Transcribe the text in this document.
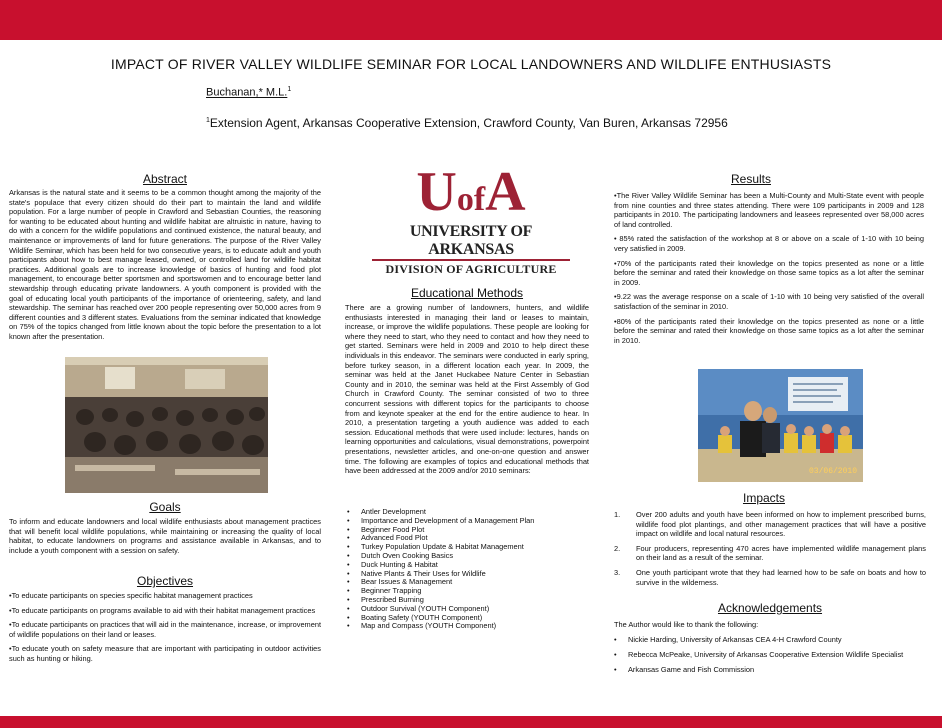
IMPACT OF RIVER VALLEY WILDLIFE SEMINAR FOR LOCAL LANDOWNERS AND WILDLIFE ENTHUSIASTS
Buchanan,* M.L.$^1$
$^1$Extension Agent, Arkansas Cooperative Extension, Crawford County, Van Buren, Arkansas 72956
UofA
UNIVERSITY OF ARKANSAS
DIVISION OF AGRICULTURE
Abstract
Arkansas is the natural state and it seems to be a common thought among the majority of the state's populace that every citizen should do their part to maintain the land and wildlife population. For a large number of people in Crawford and Sebastian Counties, the reasoning for wanting to be educated about hunting and wildlife habitat are altruistic in nature, having to do with a concern for the wildlife populations and continued existence, the natural beauty, and maintenance or improvements of land for future generations. The purpose of the River Valley Wildlife Seminar, which has been held for two consecutive years, is to educate adult and youth participants about how to best manage leased, owned, or controlled land for wildlife habitat practices. Additional goals are to increase knowledge of basics of hunting and food plot management, to encourage better sportsmen and sportswomen and to encourage better land stewardship through educating private landowners. A youth component is provided with the goal of educating local youth participants of the importance of orienteering, safety, and land stewardship. The seminar has reached over 200 people representing over 50,000 acres from 9 different counties and 3 different states. Evaluations from the seminar indicated that knowledge on 75% of the topics changed from little known about the topic before the presentation to a lot known after the presentation.
Goals
To inform and educate landowners and local wildlife enthusiasts about management practices that will benefit local wildlife populations, while maintaining or increasing the quality of local habitat, to educate landowners on programs and assistance available in Arkansas, and to include a youth component with a session on safety.
Objectives

•To educate participants on species specific habitat management practices

•To educate participants on programs available to aid with their habitat management practices

•To educate participants on practices that will aid in the maintenance, increase, or improvement of wildlife populations on their land or leases.

•To educate youth on safety measure that are important with participating in outdoor activities such as hunting or hiking.

Educational Methods
There are a growing number of landowners, hunters, and wildlife enthusiasts interested in managing their land or leases to maintain, increase, or improve the wildlife populations. These people are looking for where they need to start, who they need to contact and how they need to get started. Seminars were held in 2009 and 2010 to help direct these individuals in this endeavor. The seminars were conducted in early spring, before turkey season, in a different location each year. In 2009, the seminar was held at the Janet Huckabee Nature Center in Sebastian County and in 2010, the seminar was held at the First Assembly of God Church in Crawford County. The seminar consisted of two to three concurrent sessions with different topics for the participants to choose from and keynote speaker at the end for the entire audience to hear. In 2010, a presentation targeting a youth audience was added to each session. Educational methods that were used include: lectures, hands on learning opportunities and calculations, visual demonstrations, powerpoint presentations, newsletter articles, and one-on-one question and answer time. The following are examples of topics and educational methods that have been addressed at the 2009 and/or 2010 seminars:
• Antler Development
• Importance and Development of a Management Plan
• Beginner Food Plot
• Advanced Food Plot
• Turkey Population Update & Habitat Management
• Dutch Oven Cooking Basics
• Duck Hunting & Habitat
• Native Plants & Their Uses for Wildlife
• Bear Issues & Management
• Beginner Trapping
• Prescribed Burning
• Outdoor Survival (YOUTH Component)
• Boating Safety (YOUTH Component)
• Map and Compass (YOUTH Component)
Results

•The River Valley Wildlife Seminar has been a Multi-County and Multi-State event with people from nine counties and three states attending. There were 109 participants in 2009 and 128 participants in 2010. The participating landowners and leasees represented over 58,000 acres of land controlled.

• 85% rated the satisfaction of the workshop at 8 or above on a scale of 1-10 with 10 being very satisfied in 2009.

•70% of the participants rated their knowledge on the topics presented as none or a little before the seminar and rated their knowledge on those same topics as a lot after the seminar in 2009.

•9.22 was the average response on a scale of 1-10 with 10 being very satisfied of the overall satisfaction of the seminar in 2010.

•80% of the participants rated their knowledge on the topics presented as none or a little before the seminar and rated their knowledge on those same topics as a lot after the seminar in 2010.

03/06/2010
Impacts
1.	Over 200 adults and youth have been informed on how to implement prescribed burns, wildlife food plot plantings, and other management practices that will have a positive impact on wildlife and local natural resources.
2.	Four producers, representing 470 acres have implemented wildlife management plans on their land as a result of the seminar.
3.	One youth participant wrote that they had learned how to be safe on boats and how to survive in the wilderness.
Acknowledgements

The Author would like to thank the following:

• Nickie Harding, University of Arkansas CEA 4-H Crawford County
• Rebecca McPeake, University of Arkansas Cooperative Extension Wildlife Specialist
• Arkansas Game and Fish Commission
